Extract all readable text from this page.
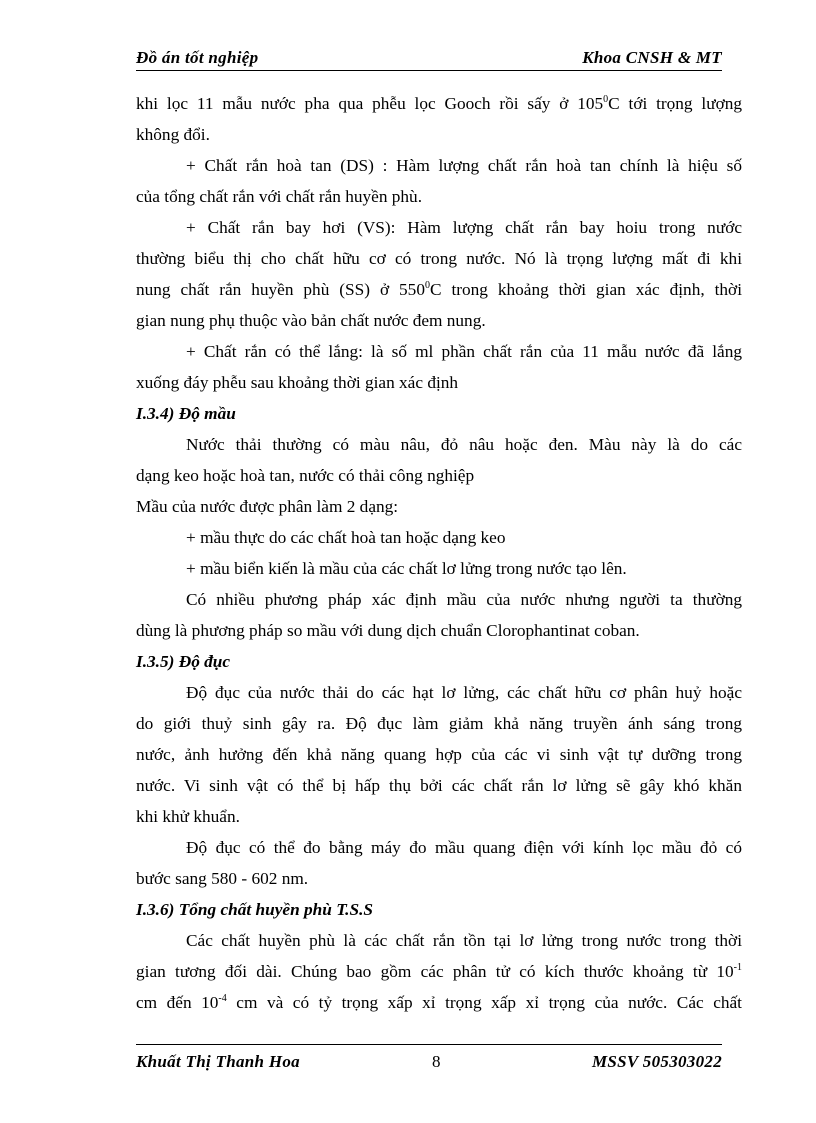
Đồ án tốt nghiệp	Khoa CNSH & MT
khi lọc 11 mẫu nước pha qua phễu lọc Gooch rồi sấy ở $105^0C$ tới trọng lượng
không đổi.
+ Chất rắn hoà tan (DS) : Hàm lượng chất rắn hoà tan chính là hiệu số
của tổng chất rắn với chất rắn huyền phù.
+ Chất rắn bay hơi (VS): Hàm lượng chất rắn bay hoiu trong nước
thường biểu thị cho chất hữu cơ có trong nước. Nó là trọng lượng mất đi khi
nung chất rắn huyền phù (SS) ở $550^0C$ trong khoảng thời gian xác định, thời
gian nung phụ thuộc vào bản chất nước đem nung.
+ Chất rắn có thể lắng: là số ml phần chất rắn của 11 mẫu nước đã lắng
xuống đáy phễu sau khoảng thời gian xác định
I.3.4) Độ mầu
Nước thải thường có màu nâu, đỏ nâu hoặc đen. Màu này là do các
dạng keo hoặc hoà tan, nước có thải công nghiệp
Mầu của nước được phân làm 2 dạng:
+ mầu thực do các chất hoà tan hoặc dạng keo
+ mầu biển kiến là mầu của các chất lơ lửng trong nước tạo lên.
Có nhiều phương pháp xác định mầu của nước nhưng người ta thường
dùng là phương pháp so mầu với dung dịch chuẩn Clorophantinat coban.
I.3.5) Độ đục
Độ đục của nước thải do các hạt lơ lửng, các chất hữu cơ phân huỷ hoặc
do giới thuỷ sinh gây ra. Độ đục làm giảm khả năng truyền ánh sáng trong
nước, ảnh hưởng đến khả năng quang hợp của các vi sinh vật tự dưỡng trong
nước. Vi sinh vật có thể bị hấp thụ bởi các chất rắn lơ lửng sẽ gây khó khăn
khi khử khuẩn.
Độ đục có thể đo bằng máy đo mầu quang điện với kính lọc mầu đỏ có
bước sang 580 - 602 nm.
I.3.6) Tổng chất huyền phù T.S.S
Các chất huyền phù là các chất rắn tồn tại lơ lửng trong nước trong thời
gian tương đối dài. Chúng bao gồm các phân tử có kích thước khoảng từ $10^{-1}$
cm đến $10^{-4}$ cm và có tỷ trọng xấp xỉ trọng xấp xỉ trọng của nước. Các chất
Khuất Thị Thanh Hoa	8	MSSV 505303022
